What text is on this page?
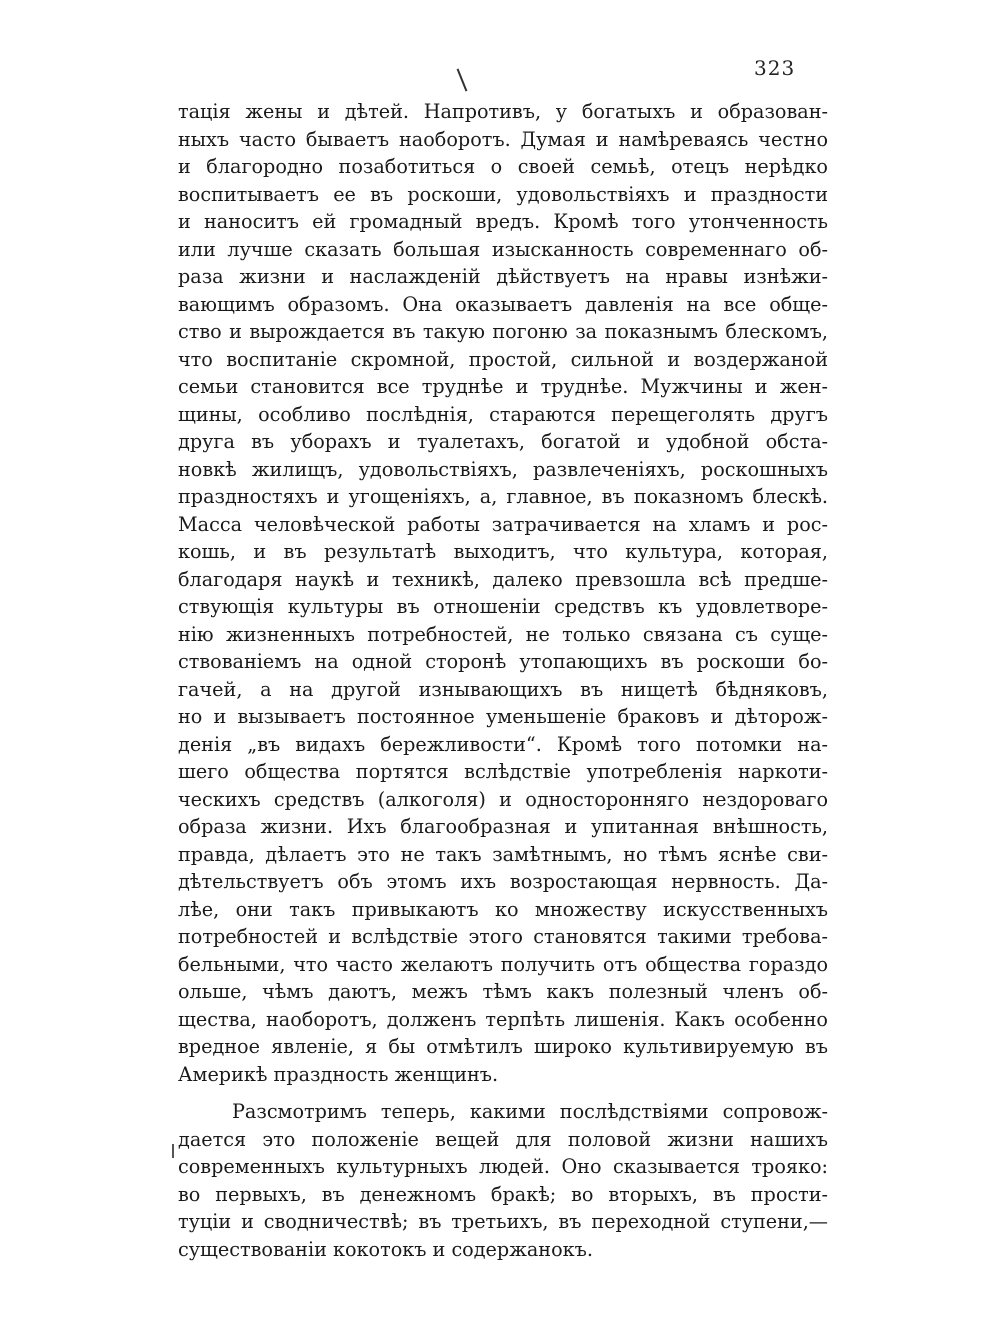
323
тація жены и дѣтей. Напротивъ, у богатыхъ и образован-
ныхъ часто бываетъ наоборотъ. Думая и намѣреваясь честно
и благородно позаботиться о своей семьѣ, отецъ нерѣдко
воспитываетъ ее въ роскоши, удовольствіяхъ и праздности
и наноситъ ей громадный вредъ. Кромѣ того утонченность
или лучше сказать большая изысканность современнаго об-
раза жизни и наслажденій дѣйствуетъ на нравы изнѣжи-
вающимъ образомъ. Она оказываетъ давленія на все обще-
ство и вырождается въ такую погоню за показнымъ блескомъ,
что воспитаніе скромной, простой, сильной и воздержаной
семьи становится все труднѣе и труднѣе. Мужчины и жен-
щины, особливо послѣднія, стараются перещеголять другъ
друга въ уборахъ и туалетахъ, богатой и удобной обста-
новкѣ жилищъ, удовольствіяхъ, развлеченіяхъ, роскошныхъ
праздностяхъ и угощеніяхъ, а, главное, въ показномъ блескѣ.
Масса человѣческой работы затрачивается на хламъ и рос-
кошь, и въ результатѣ выходитъ, что культура, которая,
благодаря наукѣ и техникѣ, далеко превзошла всѣ предше-
ствующія культуры въ отношеніи средствъ къ удовлетворе-
нію жизненныхъ потребностей, не только связана съ суще-
ствованіемъ на одной сторонѣ утопающихъ въ роскоши бо-
гачей, а на другой изнывающихъ въ нищетѣ бѣдняковъ,
но и вызываетъ постоянное уменьшеніе браковъ и дѣторож-
денія „въ видахъ бережливости“. Кромѣ того потомки на-
шего общества портятся вслѣдствіе употребленія наркоти-
ческихъ средствъ (алкоголя) и односторонняго нездороваго
образа жизни. Ихъ благообразная и упитанная внѣшность,
правда, дѣлаетъ это не такъ замѣтнымъ, но тѣмъ яснѣе сви-
дѣтельствуетъ объ этомъ ихъ возростающая нервность. Да-
лѣе, они такъ привыкаютъ ко множеству искусственныхъ
потребностей и вслѣдствіе этого становятся такими требова-
бельными, что часто желаютъ получить отъ общества гораздо
ольше, чѣмъ даютъ, межъ тѣмъ какъ полезный членъ об-
щества, наоборотъ, долженъ терпѣть лишенія. Какъ особенно
вредное явленіе, я бы отмѣтилъ широко культивируемую въ
Америкѣ праздность женщинъ.
Разсмотримъ теперь, какими послѣдствіями сопровож-
дается это положеніе вещей для половой жизни нашихъ
современныхъ культурныхъ людей. Оно сказывается трояко:
во первыхъ, въ денежномъ бракѣ; во вторыхъ, въ прости-
туціи и сводничествѣ; въ третьихъ, въ переходной ступени,—
существованіи кокотокъ и содержанокъ.
